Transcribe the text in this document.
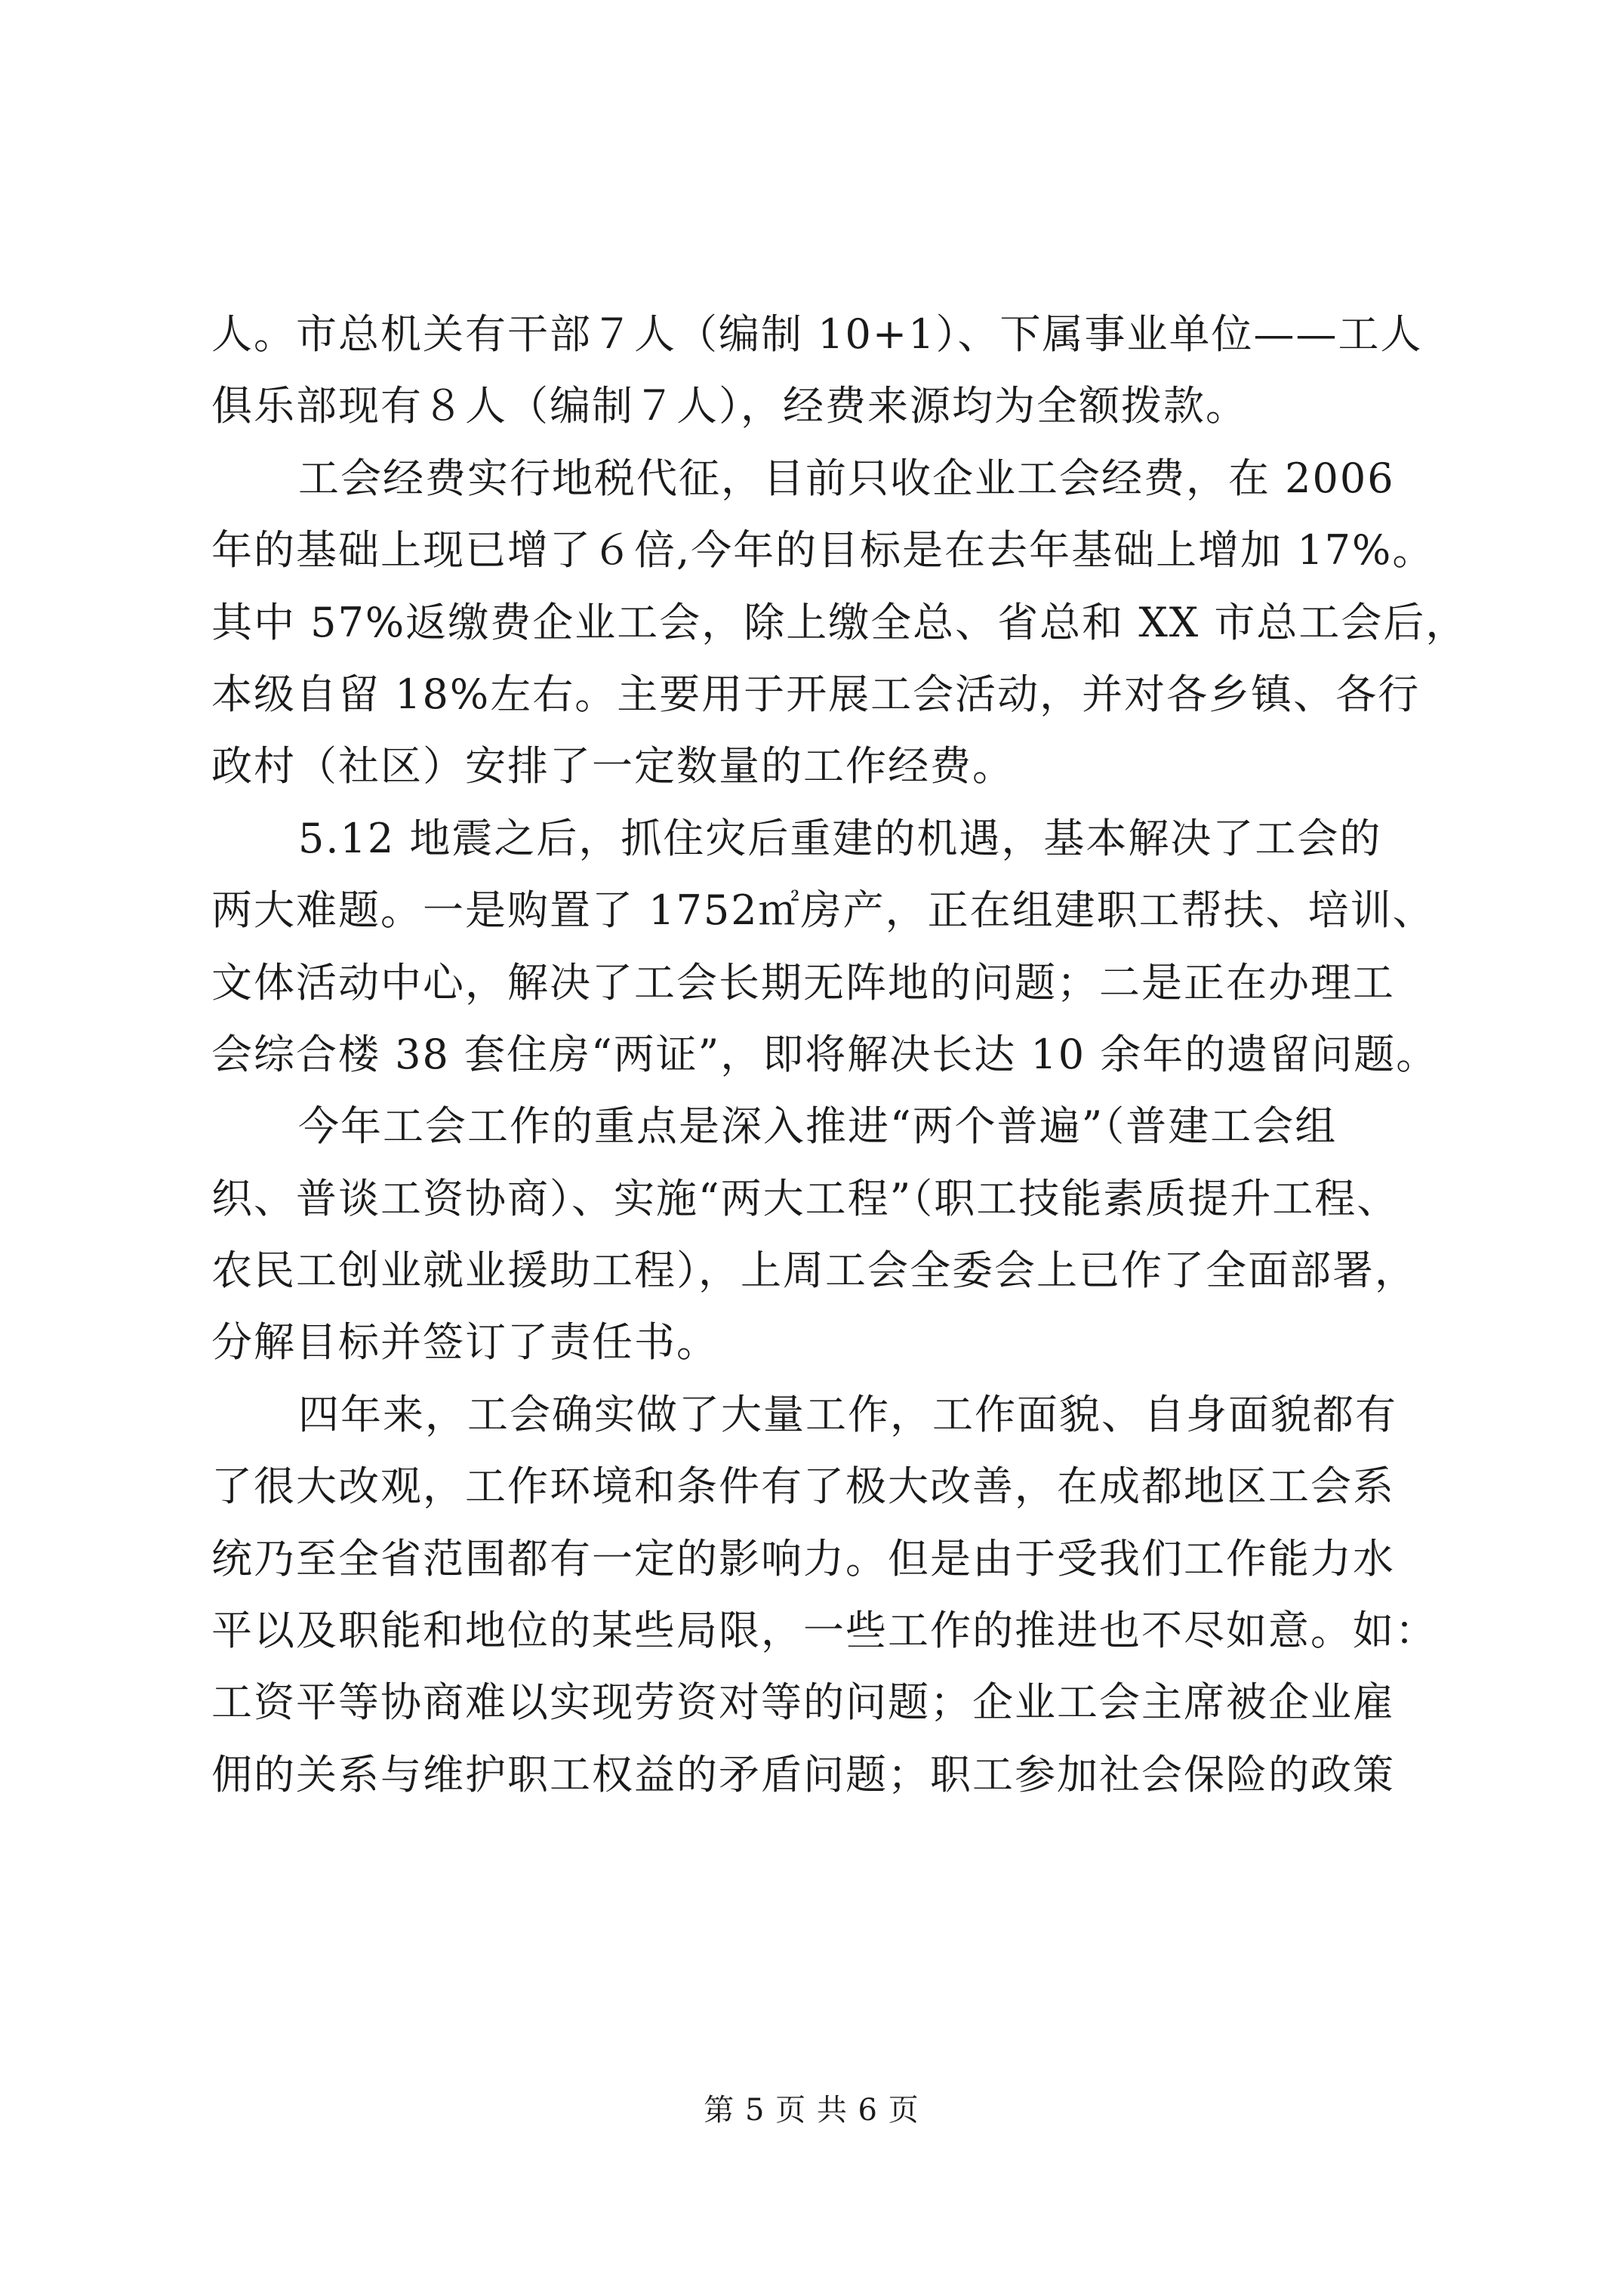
人。市总机关有干部７人（编制 10+1）、下属事业单位——工人
俱乐部现有８人（编制７人），经费来源均为全额拨款。
工会经费实行地税代征，目前只收企业工会经费，在 2006
年的基础上现已增了６倍,今年的目标是在去年基础上增加 17%。
其中 57%返缴费企业工会，除上缴全总、省总和 XX 市总工会后，
本级自留 18%左右。主要用于开展工会活动，并对各乡镇、各行
政村（社区）安排了一定数量的工作经费。
5.12 地震之后，抓住灾后重建的机遇，基本解决了工会的
两大难题。一是购置了 1752㎡房产，正在组建职工帮扶、培训、
文体活动中心，解决了工会长期无阵地的问题；二是正在办理工
会综合楼 38 套住房“两证”，即将解决长达 10 余年的遗留问题。
今年工会工作的重点是深入推进“两个普遍”（普建工会组
织、普谈工资协商）、实施“两大工程”（职工技能素质提升工程、
农民工创业就业援助工程），上周工会全委会上已作了全面部署，
分解目标并签订了责任书。
四年来，工会确实做了大量工作，工作面貌、自身面貌都有
了很大改观，工作环境和条件有了极大改善，在成都地区工会系
统乃至全省范围都有一定的影响力。但是由于受我们工作能力水
平以及职能和地位的某些局限，一些工作的推进也不尽如意。如：
工资平等协商难以实现劳资对等的问题；企业工会主席被企业雇
佣的关系与维护职工权益的矛盾问题；职工参加社会保险的政策
第 5 页 共 6 页
